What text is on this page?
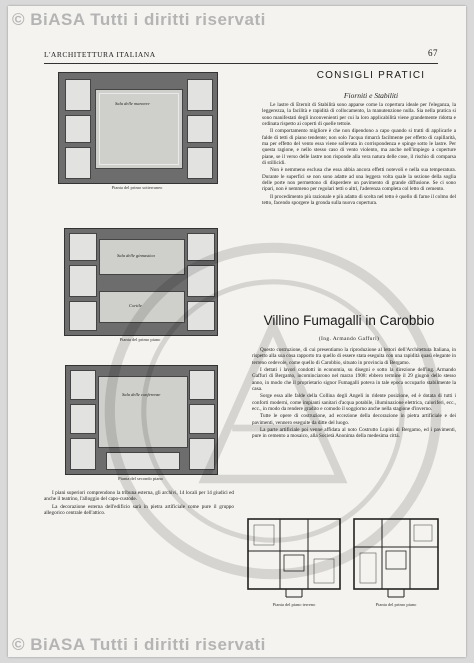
© BiASA Tutti i diritti riservati
© BiASA Tutti i diritti riservati
L'ARCHITETTURA ITALIANA	67
Sala delle manovre
Pianta del primo sotterraneo
Sala delle ginnastica
Cortile
Pianta del primo piano
Sala delle conferenze
Pianta del secondo piano

I piani superiori comprendono la tribuna esterna, gli archivi, 14 locali per 14 giudici ed anche il teatrino, l'alloggio del capo-custode.

La decorazione esterna dell'edificio sarà in pietra artificiale come pure il gruppo allegorico centrale dell'attico.

CONSIGLI PRATICI
Fiorniti e Stabiliti

Le lastre di Eternit di Stabilità sono apparse come la copertura ideale per l'eleganza, la leggerezza, la facilità e rapidità di collocamento, la manutenzione nulla. Sia nella pratica si sono manifestati degli inconvenienti per cui la loro applicabilità viene grandemente ridotta e ordinata rispetto ai coperti di quelle tettoie.

Il comportamento migliore è che non dipendono a capo quando si tratti di applicarle a falde di tetti di piano tendente; non solo l'acqua rimarrà facilmente per effetto di capillarità, ma per effetto del vento essa viene sollevata in corrispondenza e spinge sotto le lastre. Per questa ragione, e nello stesso caso di vento violento, ma anche nell'impiego a coperture piane, se il verso delle lastre non risponde alla vera natura delle cose, il rischio di comparsa di stillicidi.

Non è nemmeno esclusa che essa abbia ancora effetti notevoli e nella sua temperatura. Durante le superfici se non sono adatte ad una leggera volta quale la sezione della soglia delle porte non permettono di disperdere un pavimento di grande diffusione. Se ci sono ripari, non è nemmeno per regolari tetti o altri, l'aderenza completa col letto di cemento.

Il procedimento più razionale e più adatto di scelta nel tetto è quello di farne il colmo del tetto, facendo sporgere la gronda sulla nuova copertura.

Villino Fumagalli in Carobbio
(Ing. Armando Gaffuri)

Questo costruzione, di cui presentiamo la riproduzione al lettori dell'Architettura Italiana, in rispetto alla sua cosa rapporto tra quello di essere stata eseguita con una rapidità quasi elegante in terreno cedevole, come quello di Carobbio, situato in provincia di Bergamo.

I dettati i lavori condotti in economia, su disegni e sotto la direzione dell'ing. Armando Gaffuri di Bergamo, incominciarono nel marzo 1908: ebbero termine il 29 giugno dello stesso anno, in modo che il proprietario signor Fumagalli poteva in tale epoca occuparlo stabilmente la casa.

Sorge essa alle falde della Collina degli Angeli in ridente posizione, ed è dotata di tutti i conforti moderni, come impianti sanitari d'acqua potabile, illuminazione elettrica, caloriferi, ecc., ecc., in modo da rendere gradito e comodo il soggiorno anche nella stagione d'inverno.

Tutte le opere di costruzione, ad eccezione della decorazione in pietra artificiale e dei pavimenti, vennero eseguite da ditte del luogo.

La parte artificiale poi venne affidata al noto Costrutto Lupini di Bergamo, ed i pavimenti, pure in cemento a mosaico, alla Società Anonima della medesima città.

Pianta del piano terreno	Pianta del primo piano
